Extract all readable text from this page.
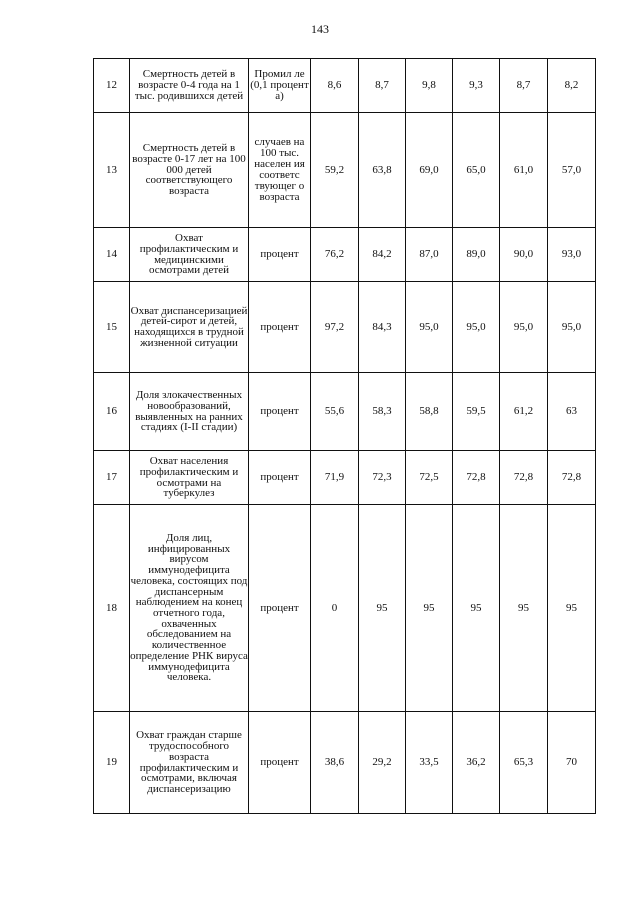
143
12	Смертность детей в возрасте 0-4 года на 1 тыс. родившихся детей	Промил ле (0,1 процент а)	8,6	8,7	9,8	9,3	8,7	8,2
13	Смертность детей в возрасте 0-17 лет на 100 000 детей соответствующего возраста	случаев на 100 тыс. населен ия соответс твующег о возраста	59,2	63,8	69,0	65,0	61,0	57,0
14	Охват профилактическим и медицинскими осмотрами детей	процент	76,2	84,2	87,0	89,0	90,0	93,0
15	Охват диспансеризацией детей-сирот и детей, находящихся в трудной жизненной ситуации	процент	97,2	84,3	95,0	95,0	95,0	95,0
16	Доля злокачественных новообразований, выявленных на ранних стадиях (I-II стадии)	процент	55,6	58,3	58,8	59,5	61,2	63
17	Охват населения профилактическим и осмотрами на туберкулез	процент	71,9	72,3	72,5	72,8	72,8	72,8
18	Доля лиц, инфицированных вирусом иммунодефицита человека, состоящих под диспансерным наблюдением на конец отчетного года, охваченных обследованием на количественное определение РНК вируса иммунодефицита человека.	процент	0	95	95	95	95	95
19	Охват граждан старше трудоспособного возраста профилактическим и осмотрами, включая диспансеризацию	процент	38,6	29,2	33,5	36,2	65,3	70
